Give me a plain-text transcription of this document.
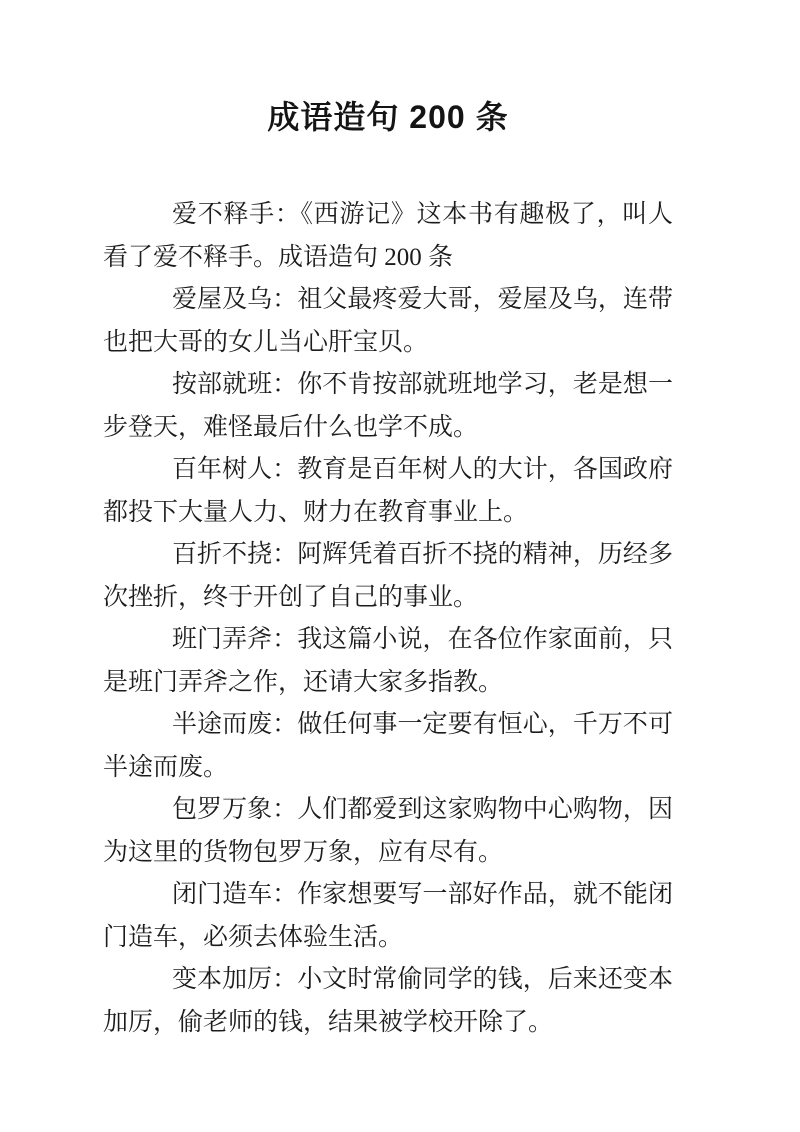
成语造句 200 条

爱不释手：《西游记》这本书有趣极了，叫人看了爱不释手。成语造句 200 条

爱屋及乌：祖父最疼爱大哥，爱屋及乌，连带也把大哥的女儿当心肝宝贝。

按部就班：你不肯按部就班地学习，老是想一步登天，难怪最后什么也学不成。

百年树人：教育是百年树人的大计，各国政府都投下大量人力、财力在教育事业上。

百折不挠：阿辉凭着百折不挠的精神，历经多次挫折，终于开创了自己的事业。

班门弄斧：我这篇小说，在各位作家面前，只是班门弄斧之作，还请大家多指教。

半途而废：做任何事一定要有恒心，千万不可半途而废。

包罗万象：人们都爱到这家购物中心购物，因为这里的货物包罗万象，应有尽有。

闭门造车：作家想要写一部好作品，就不能闭门造车，必须去体验生活。

变本加厉：小文时常偷同学的钱，后来还变本加厉，偷老师的钱，结果被学校开除了。
